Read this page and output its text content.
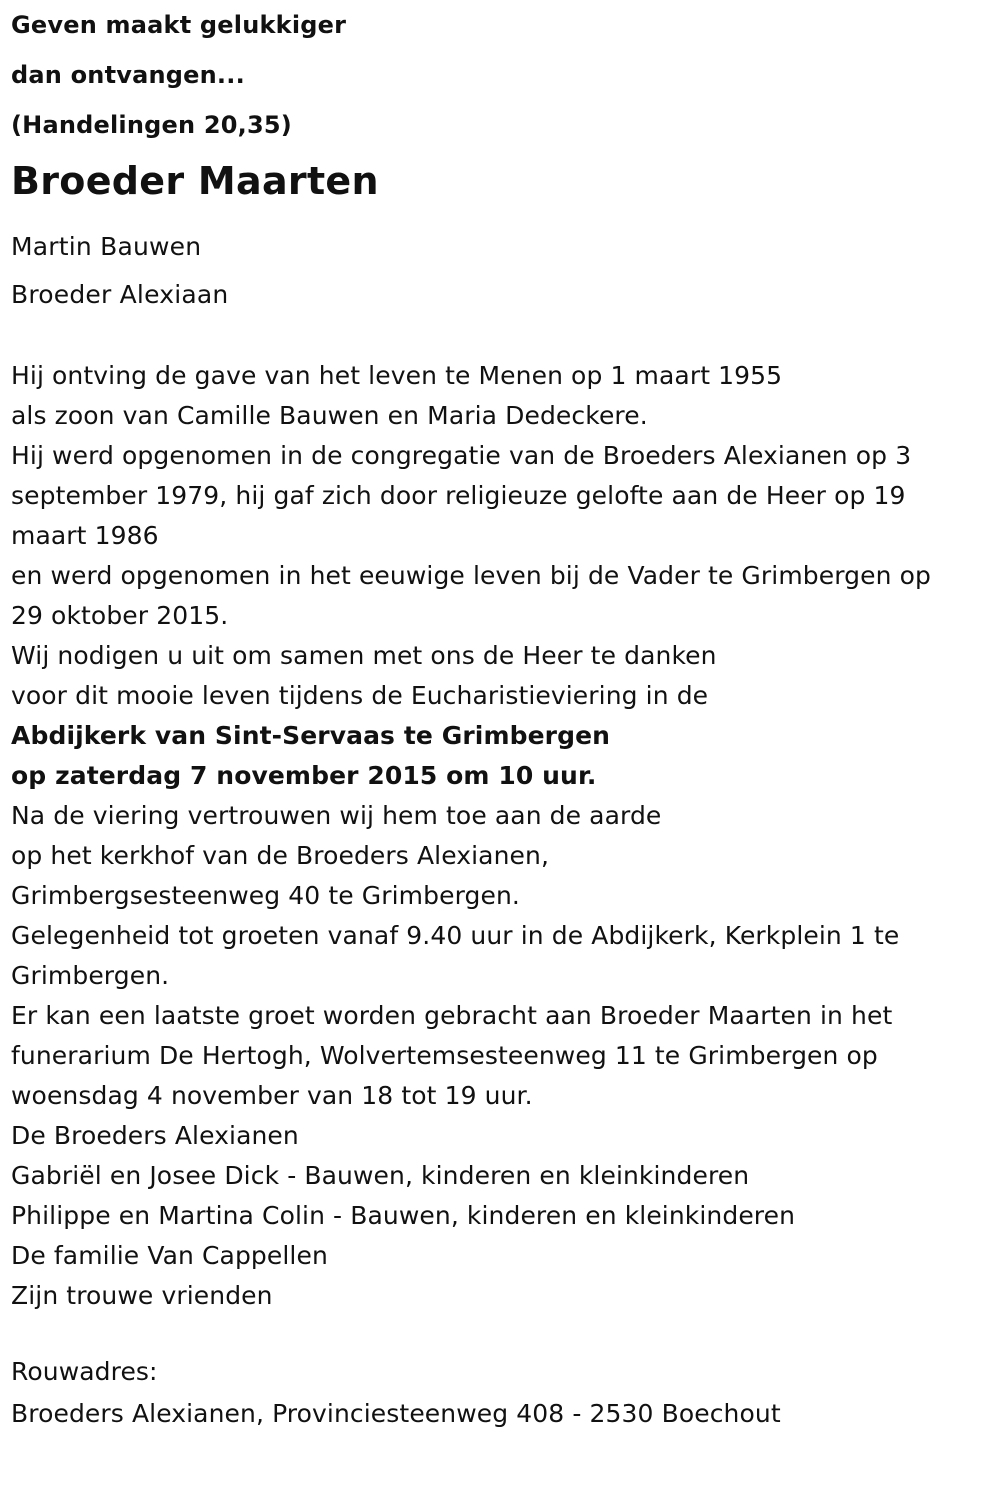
Geven maakt gelukkiger
dan ontvangen...
(Handelingen 20,35)
Broeder Maarten
Martin Bauwen
Broeder Alexiaan
Hij ontving de gave van het leven te Menen op 1 maart 1955
als zoon van Camille Bauwen en Maria Dedeckere.
Hij werd opgenomen in de congregatie van de Broeders Alexianen op 3
september 1979, hij gaf zich door religieuze gelofte aan de Heer op 19
maart 1986
en werd opgenomen in het eeuwige leven bij de Vader te Grimbergen op
29 oktober 2015.
Wij nodigen u uit om samen met ons de Heer te danken
voor dit mooie leven tijdens de Eucharistieviering in de
Abdijkerk van Sint-Servaas te Grimbergen
op zaterdag 7 november 2015 om 10 uur.
Na de viering vertrouwen wij hem toe aan de aarde
op het kerkhof van de Broeders Alexianen,
Grimbergsesteenweg 40 te Grimbergen.
Gelegenheid tot groeten vanaf 9.40 uur in de Abdijkerk, Kerkplein 1 te
Grimbergen.
Er kan een laatste groet worden gebracht aan Broeder Maarten in het
funerarium De Hertogh, Wolvertemsesteenweg 11 te Grimbergen op
woensdag 4 november van 18 tot 19 uur.
De Broeders Alexianen
Gabriël en Josee Dick - Bauwen, kinderen en kleinkinderen
Philippe en Martina Colin - Bauwen, kinderen en kleinkinderen
De familie Van Cappellen
Zijn trouwe vrienden
Rouwadres:
Broeders Alexianen, Provinciesteenweg 408 - 2530 Boechout
